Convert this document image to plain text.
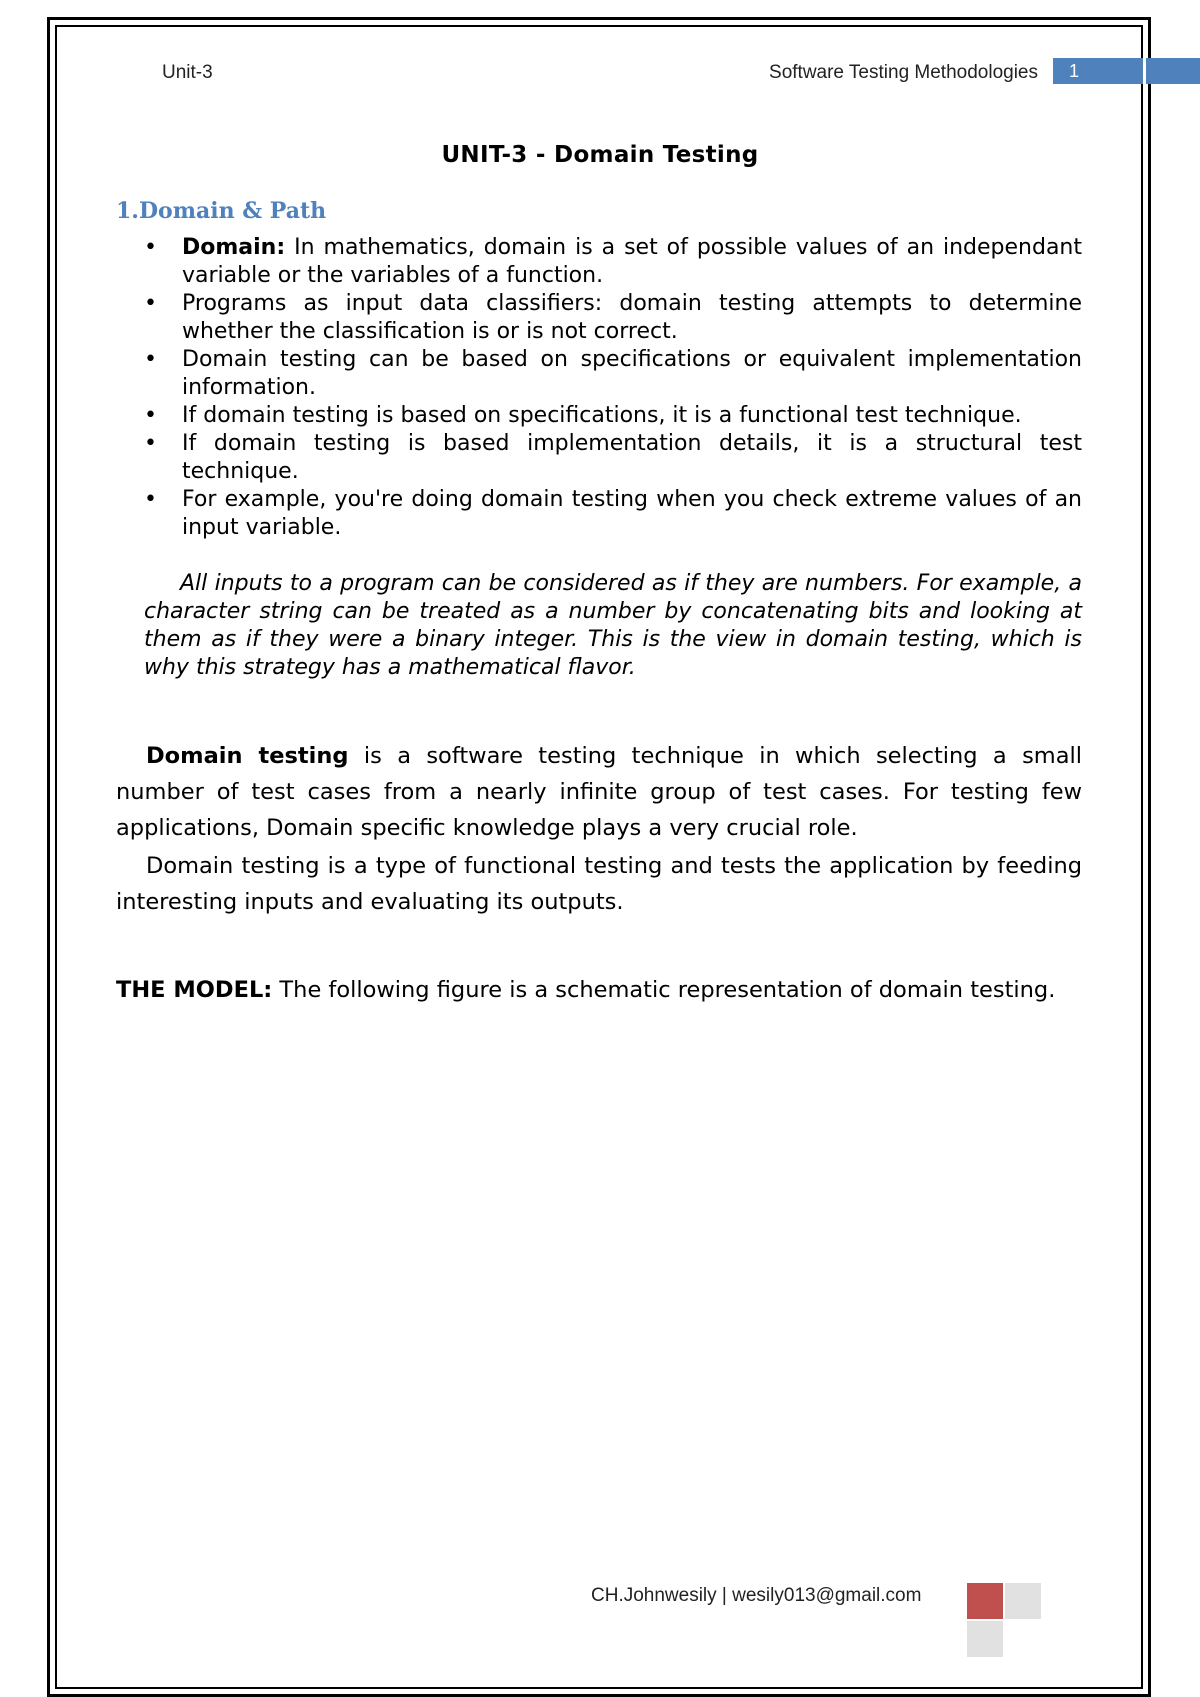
Unit-3	Software Testing Methodologies 1
UNIT-3 - Domain Testing
1.Domain & Path
• Domain: In mathematics, domain is a set of possible values of an independant variable or the variables of a function.
• Programs as input data classifiers: domain testing attempts to determine whether the classification is or is not correct.
• Domain testing can be based on specifications or equivalent implementation information.
• If domain testing is based on specifications, it is a functional test technique.
• If domain testing is based implementation details, it is a structural test technique.
• For example, you're doing domain testing when you check extreme values of an input variable.

All inputs to a program can be considered as if they are numbers. For example, a character string can be treated as a number by concatenating bits and looking at them as if they were a binary integer. This is the view in domain testing, which is why this strategy has a mathematical flavor.

Domain testing is a software testing technique in which selecting a small number of test cases from a nearly infinite group of test cases. For testing few applications, Domain specific knowledge plays a very crucial role.

Domain testing is a type of functional testing and tests the application by feeding interesting inputs and evaluating its outputs.

THE MODEL: The following figure is a schematic representation of domain testing.

CH.Johnwesily | wesily013@gmail.com
